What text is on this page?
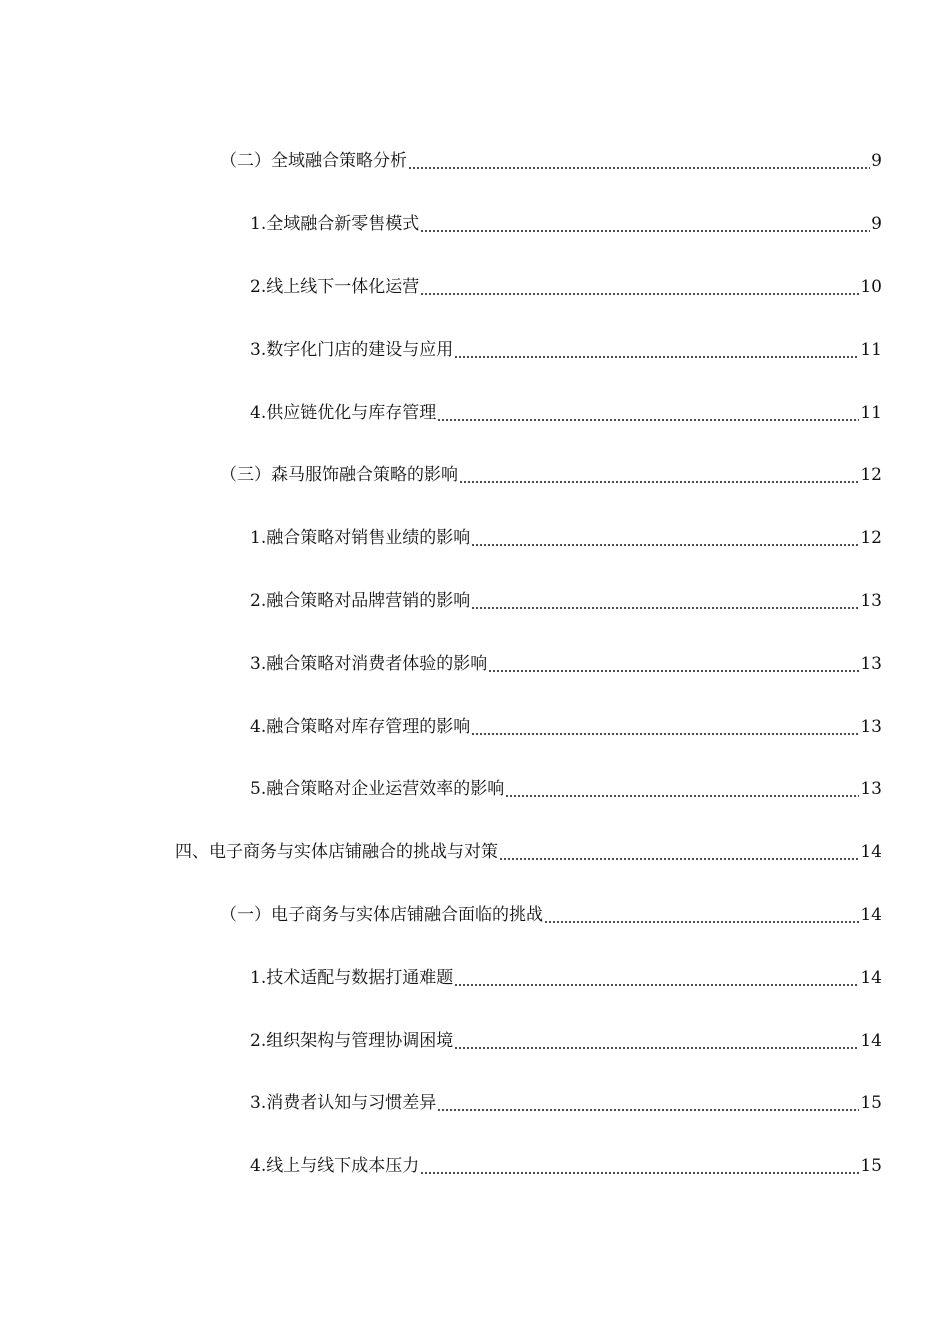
（二）全域融合策略分析	9
1.全域融合新零售模式	9
2.线上线下一体化运营	10
3.数字化门店的建设与应用	11
4.供应链优化与库存管理	11
（三）森马服饰融合策略的影响	12
1.融合策略对销售业绩的影响	12
2.融合策略对品牌营销的影响	13
3.融合策略对消费者体验的影响	13
4.融合策略对库存管理的影响	13
5.融合策略对企业运营效率的影响	13
四、电子商务与实体店铺融合的挑战与对策	14
（一）电子商务与实体店铺融合面临的挑战	14
1.技术适配与数据打通难题	14
2.组织架构与管理协调困境	14
3.消费者认知与习惯差异	15
4.线上与线下成本压力	15
